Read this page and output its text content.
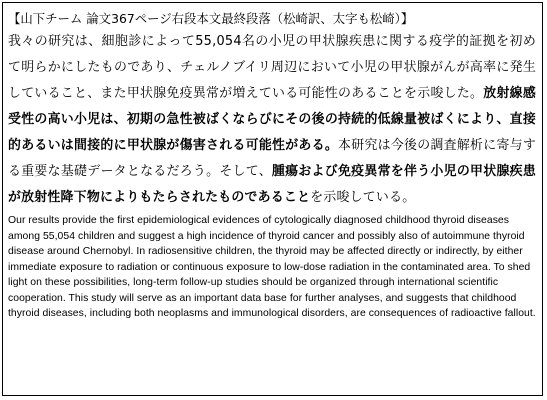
【山下チーム 論文367ページ右段本文最終段落（松崎訳、太字も松崎）】

我々の研究は、細胞診によって55,054名の小児の甲状腺疾患に関する疫学的証拠を初めて明らかにしたものであり、チェルノブイリ周辺において小児の甲状腺がんが高率に発生していること、また甲状腺免疫異常が増えている可能性のあることを示唆した。放射線感受性の高い小児は、初期の急性被ばくならびにその後の持続的低線量被ばくにより、直接的あるいは間接的に甲状腺が傷害される可能性がある。本研究は今後の調査解析に寄与する重要な基礎データとなるだろう。そして、腫瘍および免疫異常を伴う小児の甲状腺疾患が放射性降下物によりもたらされたものであることを示唆している。

Our results provide the first epidemiological evidences of cytologically diagnosed childhood thyroid diseases among 55,054 children and suggest a high incidence of thyroid cancer and possibly also of autoimmune thyroid disease around Chernobyl. In radiosensitive children, the thyroid may be affected directly or indirectly, by either immediate exposure to radiation or continuous exposure to low-dose radiation in the contaminated area. To shed light on these possibilities, long-term follow-up studies should be organized through international scientific cooperation. This study will serve as an important data base for further analyses, and suggests that childhood thyroid diseases, including both neoplasms and immunological disorders, are consequences of radioactive fallout.
